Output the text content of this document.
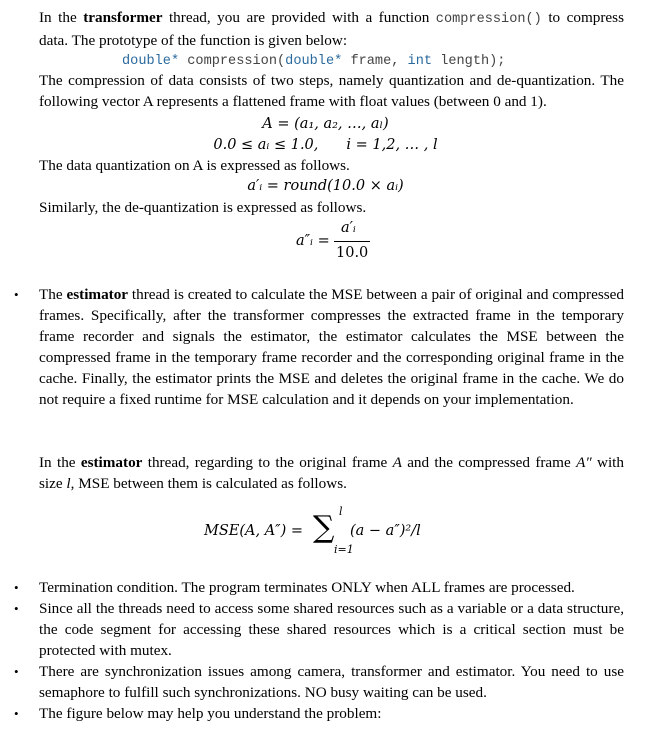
In the transformer thread, you are provided with a function compression() to compress data. The prototype of the function is given below:

double* compression(double* frame, int length);

The compression of data consists of two steps, namely quantization and de-quantization. The following vector A represents a flattened frame with float values (between 0 and 1).

A = (a₁, a₂, …, aₗ)

0.0 ≤ aᵢ ≤ 1.0, i = 1,2, … , l

The data quantization on A is expressed as follows.

a′ᵢ = round(10.0 × aᵢ)

Similarly, the de-quantization is expressed as follows.

a″ᵢ =
a′ᵢ
10.0
• The estimator thread is created to calculate the MSE between a pair of original and compressed frames. Specifically, after the transformer compresses the extracted frame in the temporary frame recorder and signals the estimator, the estimator calculates the MSE between the compressed frame in the temporary frame recorder and the corresponding original frame in the cache. Finally, the estimator prints the MSE and deletes the original frame in the cache. We do not require a fixed runtime for MSE calculation and it depends on your implementation.

In the estimator thread, regarding to the original frame A and the compressed frame A″ with size l, MSE between them is calculated as follows.

MSE(A, A″) = ∑ l
i=1
(a − a″)²/l
• Termination condition. The program terminates ONLY when ALL frames are processed.

• Since all the threads need to access some shared resources such as a variable or a data structure, the code segment for accessing these shared resources which is a critical section must be protected with mutex.

• There are synchronization issues among camera, transformer and estimator. You need to use semaphore to fulfill such synchronizations. NO busy waiting can be used.

• The figure below may help you understand the problem:
